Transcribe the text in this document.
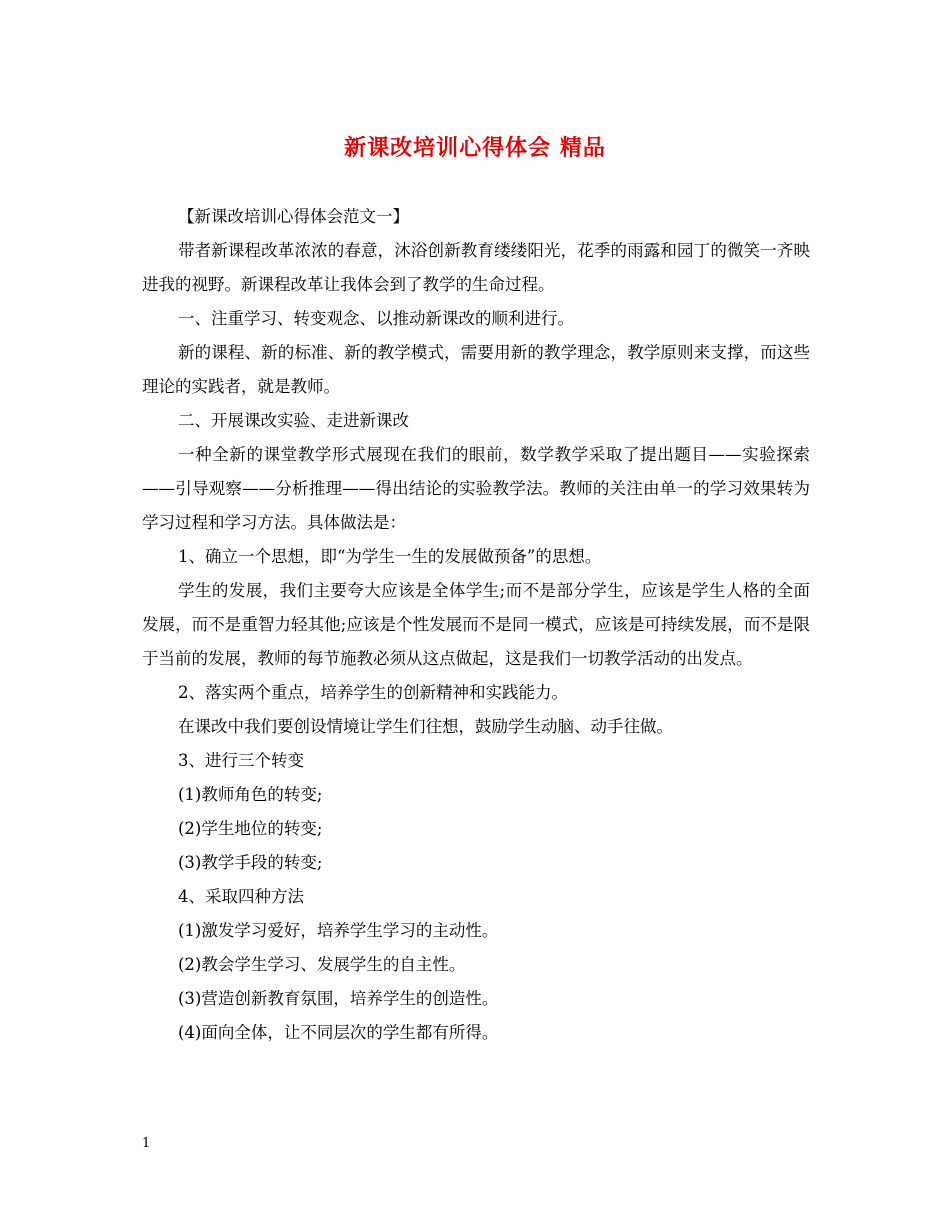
新课改培训心得体会 精品

【新课改培训心得体会范文一】

带者新课程改革浓浓的春意，沐浴创新教育缕缕阳光，花季的雨露和园丁的微笑一齐映进我的视野。新课程改革让我体会到了教学的生命过程。

一、注重学习、转变观念、以推动新课改的顺利进行。

新的课程、新的标准、新的教学模式，需要用新的教学理念，教学原则来支撑，而这些理论的实践者，就是教师。

二、开展课改实验、走进新课改

一种全新的课堂教学形式展现在我们的眼前，数学教学采取了提出题目——实验探索——引导观察——分析推理——得出结论的实验教学法。教师的关注由单一的学习效果转为学习过程和学习方法。具体做法是：

1、确立一个思想，即“为学生一生的发展做预备”的思想。

学生的发展，我们主要夸大应该是全体学生;而不是部分学生，应该是学生人格的全面发展，而不是重智力轻其他;应该是个性发展而不是同一模式，应该是可持续发展，而不是限于当前的发展，教师的每节施教必须从这点做起，这是我们一切教学活动的出发点。

2、落实两个重点，培养学生的创新精神和实践能力。

在课改中我们要创设情境让学生们往想，鼓励学生动脑、动手往做。

3、进行三个转变

(1)教师角色的转变;

(2)学生地位的转变;

(3)教学手段的转变;

4、采取四种方法

(1)激发学习爱好，培养学生学习的主动性。

(2)教会学生学习、发展学生的自主性。

(3)营造创新教育氛围，培养学生的创造性。

(4)面向全体，让不同层次的学生都有所得。

1
